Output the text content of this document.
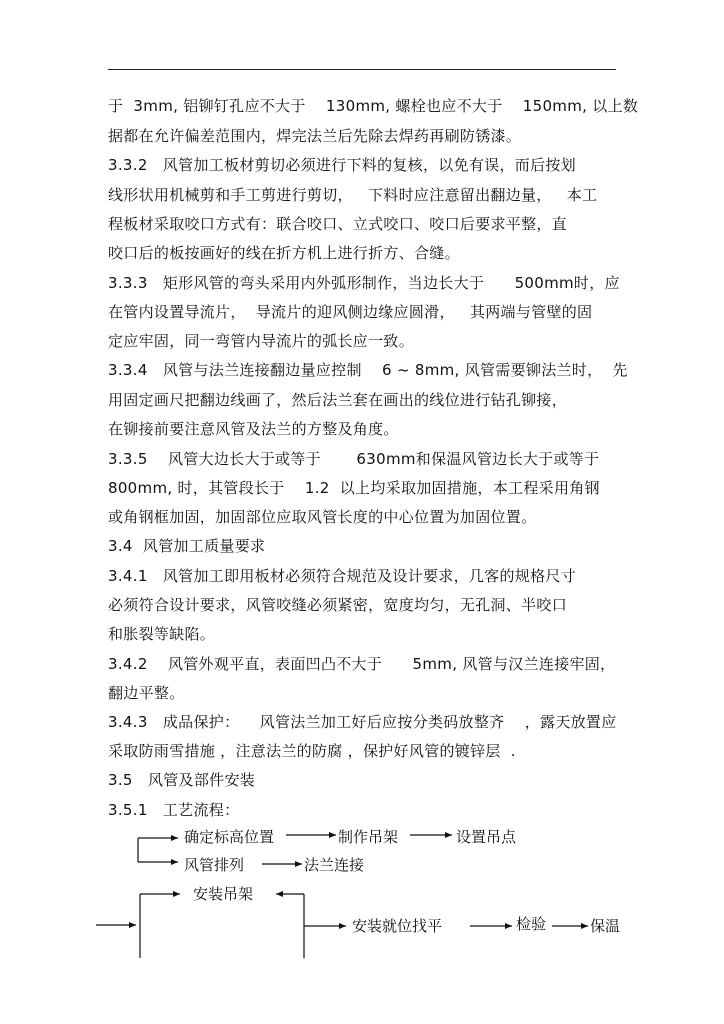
于  3mm, 铝铆钉孔应不大于    130mm, 螺栓也应不大于    150mm, 以上数
据都在允许偏差范围内，焊完法兰后先除去焊药再刷防锈漆。
3.3.2   风管加工板材剪切必须进行下料的复核，以免有误，而后按划
线形状用机械剪和手工剪进行剪切，   下料时应注意留出翻边量，   本工
程板材采取咬口方式有：联合咬口、立式咬口、咬口后要求平整，直
咬口后的板按画好的线在折方机上进行折方、合缝。
3.3.3   矩形风管的弯头采用内外弧形制作，当边长大于      500mm时，应
在管内设置导流片，  导流片的迎风侧边缘应圆滑，   其两端与管壁的固
定应牢固，同一弯管内导流片的弧长应一致。
3.3.4   风管与法兰连接翻边量应控制    6 ~ 8mm, 风管需要铆法兰时，  先
用固定画尺把翻边线画了，然后法兰套在画出的线位进行钻孔铆接，
在铆接前要注意风管及法兰的方整及角度。
3.3.5    风管大边长大于或等于       630mm和保温风管边长大于或等于
800mm, 时，其管段长于    1.2  以上均采取加固措施，本工程采用角钢
或角钢框加固，加固部位应取风管长度的中心位置为加固位置。
3.4  风管加工质量要求
3.4.1   风管加工即用板材必须符合规范及设计要求，几客的规格尺寸
必须符合设计要求，风管咬缝必须紧密，宽度均匀，无孔洞、半咬口
和胀裂等缺陷。
3.4.2    风管外观平直，表面凹凸不大于      5mm, 风管与汉兰连接牢固，
翻边平整。
3.4.3   成品保护：    风管法兰加工好后应按分类码放整齐    ，露天放置应
采取防雨雪措施 ，注意法兰的防腐 ，保护好风管的镀锌层  .
3.5   风管及部件安装
3.5.1   工艺流程：
确定标高位置	制作吊架	设置吊点
风管排列	法兰连接
安装吊架
安装就位找平	检验	保温
